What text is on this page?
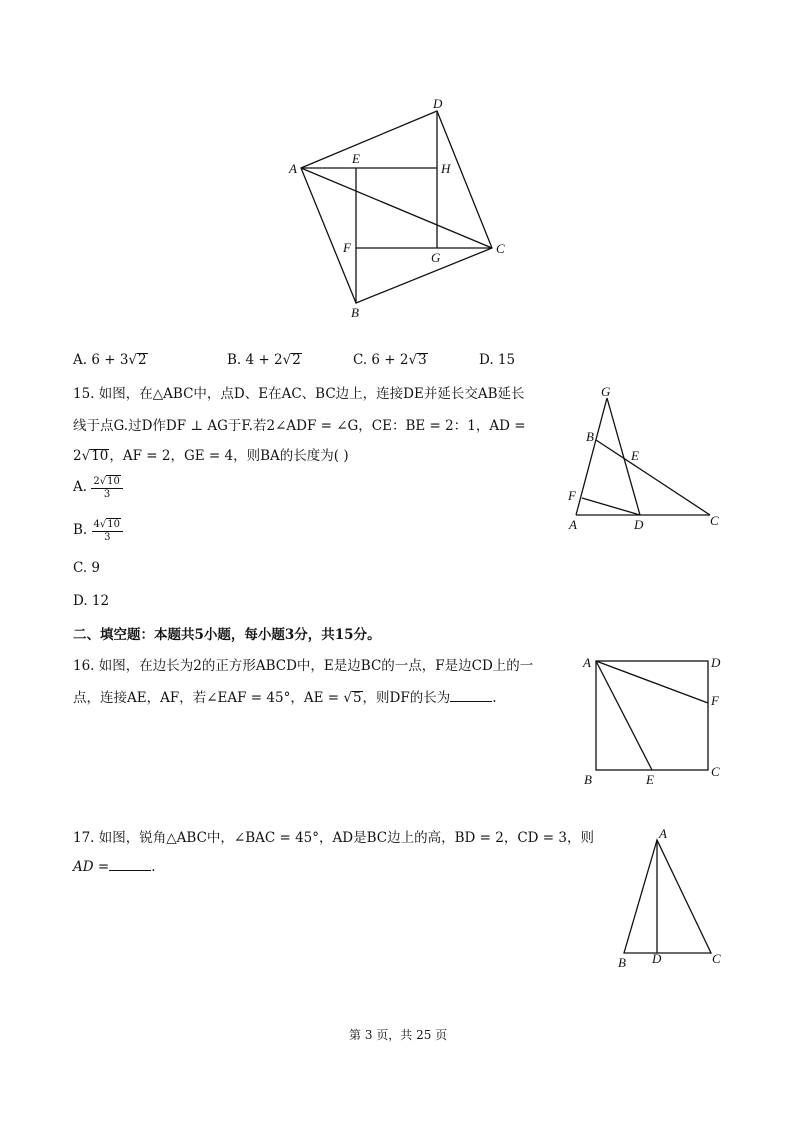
A
D
E
H
F
G
C
B
A. 6 + 3√2	B. 4 + 2√2	C. 6 + 2√3	D. 15
15. 如图，在△ABC中，点D、E在AC、BC边上，连接DE并延长交AB延长
线于点G.过D作DF ⊥ AG于F.若2∠ADF = ∠G，CE：BE = 2：1，AD =
2√10，AF = 2，GE = 4，则BA的长度为( )
A. $\frac{2√10}{3}$
B. $\frac{4√10}{3}$
C. 9
D. 12
G
B
E
F
A	D	C
二、填空题：本题共5小题，每小题3分，共15分。
16. 如图，在边长为2的正方形ABCD中，E是边BC的一点，F是边CD上的一
点，连接AE，AF，若∠EAF = 45°，AE = √5，则DF的长为	.
A	D
F
B	E
C
17. 如图，锐角△ABC中，∠BAC = 45°，AD是BC边上的高，BD = 2，CD = 3，则
AD =	.
A
B D	C
第 3 页，共 25 页
